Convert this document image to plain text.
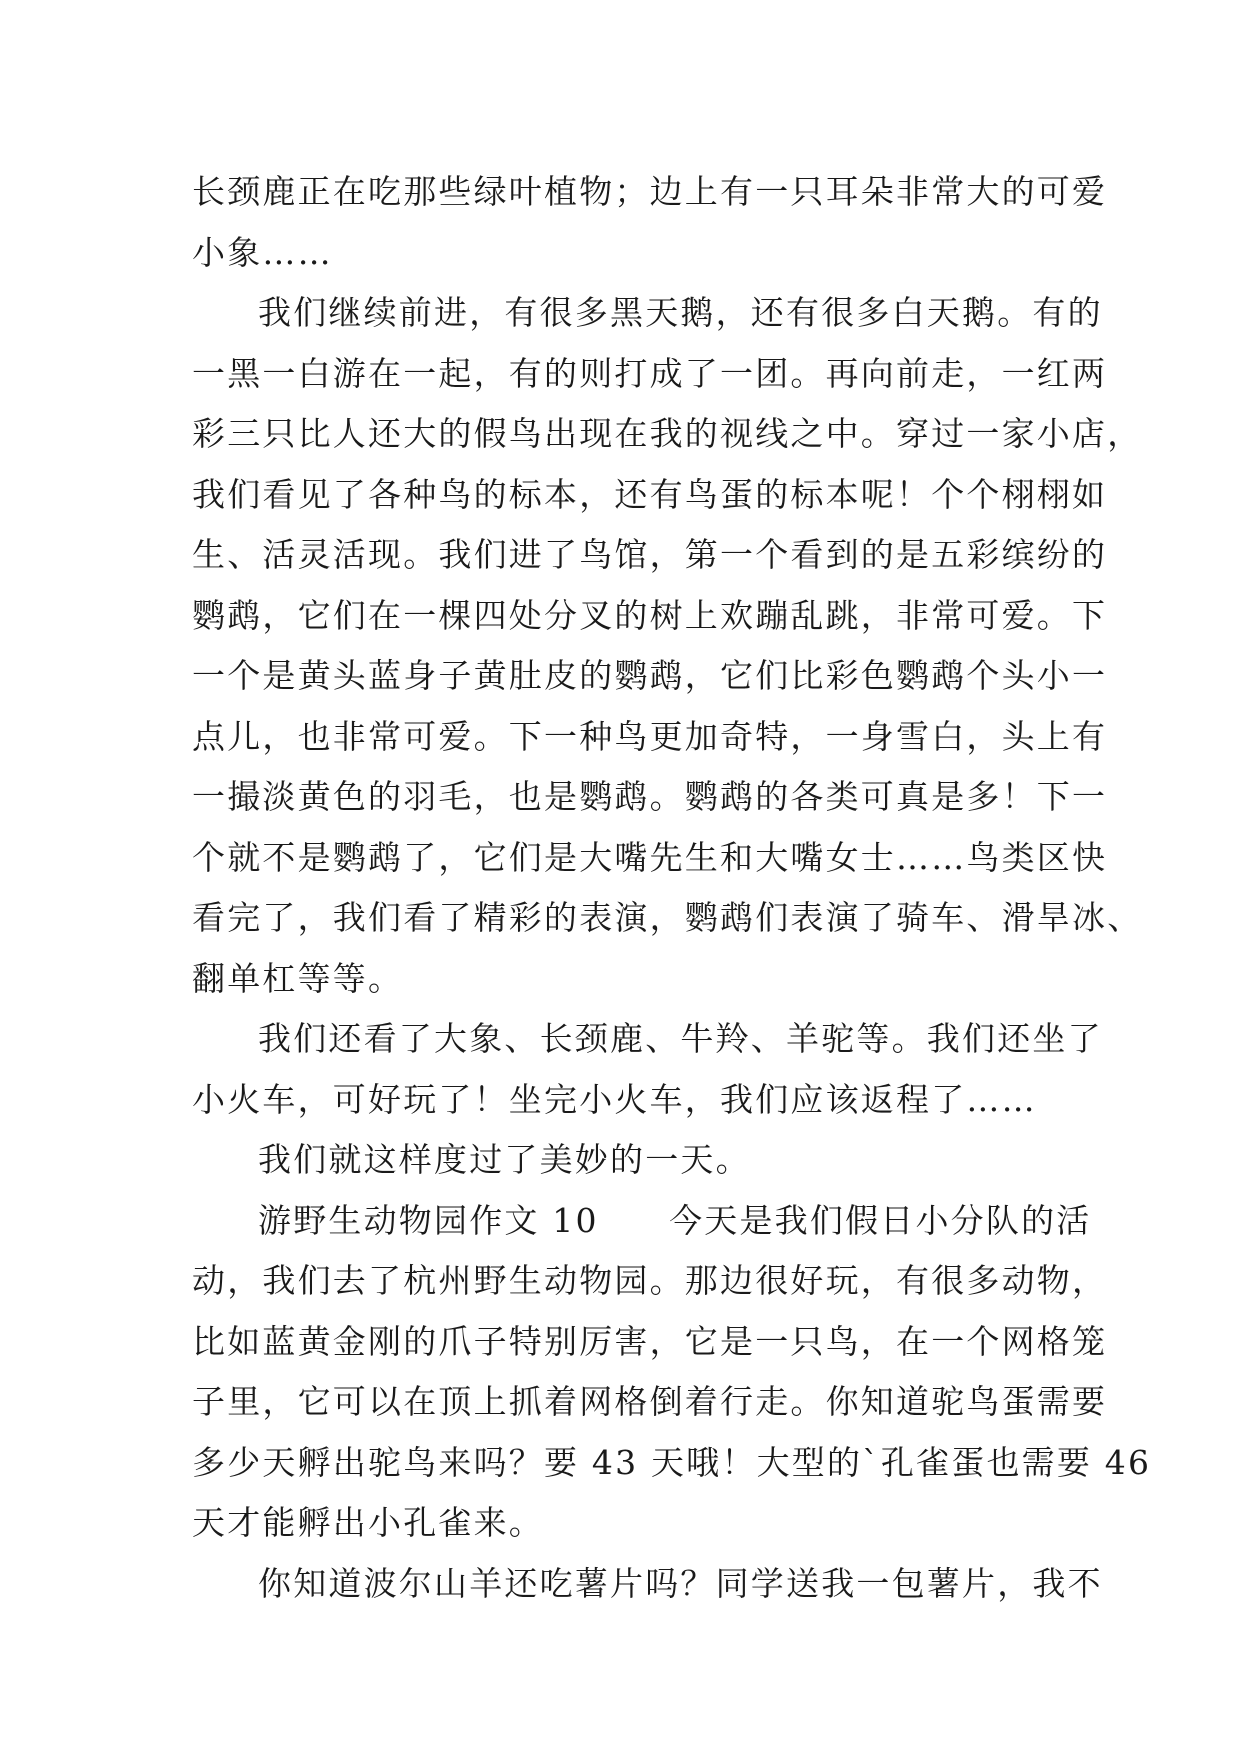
长颈鹿正在吃那些绿叶植物；边上有一只耳朵非常大的可爱
小象……
我们继续前进，有很多黑天鹅，还有很多白天鹅。有的
一黑一白游在一起，有的则打成了一团。再向前走，一红两
彩三只比人还大的假鸟出现在我的视线之中。穿过一家小店，
我们看见了各种鸟的标本，还有鸟蛋的标本呢！个个栩栩如
生、活灵活现。我们进了鸟馆，第一个看到的是五彩缤纷的
鹦鹉，它们在一棵四处分叉的树上欢蹦乱跳，非常可爱。下
一个是黄头蓝身子黄肚皮的鹦鹉，它们比彩色鹦鹉个头小一
点儿，也非常可爱。下一种鸟更加奇特，一身雪白，头上有
一撮淡黄色的羽毛，也是鹦鹉。鹦鹉的各类可真是多！下一
个就不是鹦鹉了，它们是大嘴先生和大嘴女士……鸟类区快
看完了，我们看了精彩的表演，鹦鹉们表演了骑车、滑旱冰、
翻单杠等等。
我们还看了大象、长颈鹿、牛羚、羊驼等。我们还坐了
小火车，可好玩了！坐完小火车，我们应该返程了……
我们就这样度过了美妙的一天。
游野生动物园作文 10　　今天是我们假日小分队的活
动，我们去了杭州野生动物园。那边很好玩，有很多动物，
比如蓝黄金刚的爪子特别厉害，它是一只鸟，在一个网格笼
子里，它可以在顶上抓着网格倒着行走。你知道驼鸟蛋需要
多少天孵出驼鸟来吗？要 43 天哦！大型的`孔雀蛋也需要 46
天才能孵出小孔雀来。
你知道波尔山羊还吃薯片吗？同学送我一包薯片，我不
